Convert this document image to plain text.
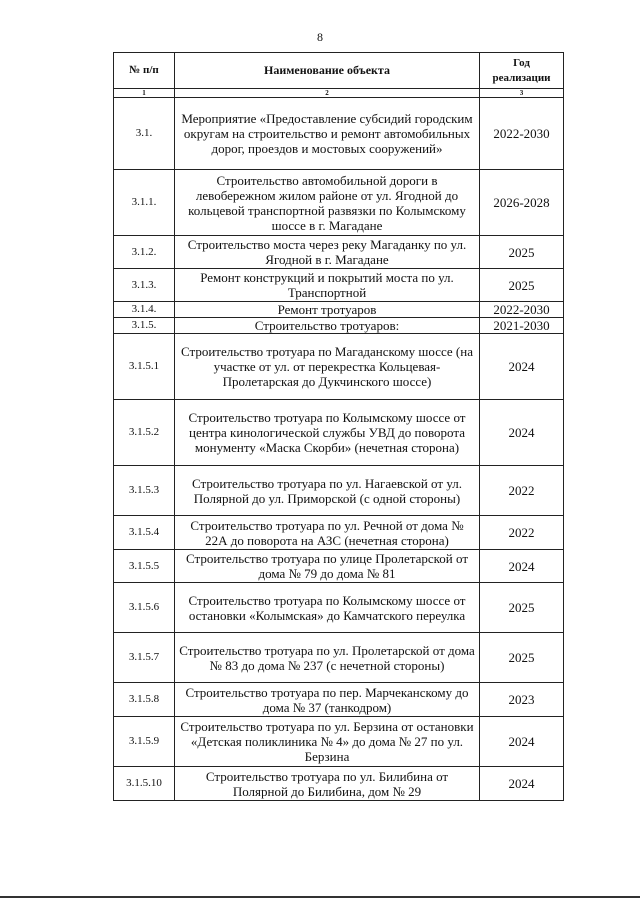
8
№ п/п	Наименование объекта	Год реализации
1	2	3
3.1.	Мероприятие «Предоставление субсидий городским округам на строительство и ремонт автомобильных дорог, проездов и мостовых сооружений»	2022-2030
3.1.1.	Строительство автомобильной дороги в левобережном жилом районе от ул. Ягодной до кольцевой транспортной развязки по Колымскому шоссе в г. Магадане	2026-2028
3.1.2.	Строительство моста через реку Магаданку по ул. Ягодной в г. Магадане	2025
3.1.3.	Ремонт конструкций и покрытий моста по ул. Транспортной	2025
3.1.4.	Ремонт тротуаров	2022-2030
3.1.5.	Строительство тротуаров:	2021-2030
3.1.5.1	Строительство тротуара по Магаданскому шоссе (на участке от ул. от перекрестка Кольцевая-Пролетарская до Дукчинского шоссе)	2024
3.1.5.2	Строительство тротуара по Колымскому шоссе от центра кинологической службы УВД до поворота монументу «Маска Скорби» (нечетная сторона)	2024
3.1.5.3	Строительство тротуара по ул. Нагаевской от ул. Полярной до ул. Приморской (с одной стороны)	2022
3.1.5.4	Строительство тротуара по ул. Речной от дома № 22А до поворота на АЗС (нечетная сторона)	2022
3.1.5.5	Строительство тротуара по улице Пролетарской от дома № 79 до дома № 81	2024
3.1.5.6	Строительство тротуара по Колымскому шоссе от остановки «Колымская» до Камчатского переулка	2025
3.1.5.7	Строительство тротуара по ул. Пролетарской от дома № 83 до дома № 237 (с нечетной стороны)	2025
3.1.5.8	Строительство тротуара по пер. Марчеканскому до дома № 37 (танкодром)	2023
3.1.5.9	Строительство тротуара по ул. Берзина от остановки «Детская поликлиника № 4» до дома № 27 по ул. Берзина	2024
3.1.5.10	Строительство тротуара по ул. Билибина от Полярной до Билибина, дом № 29	2024
